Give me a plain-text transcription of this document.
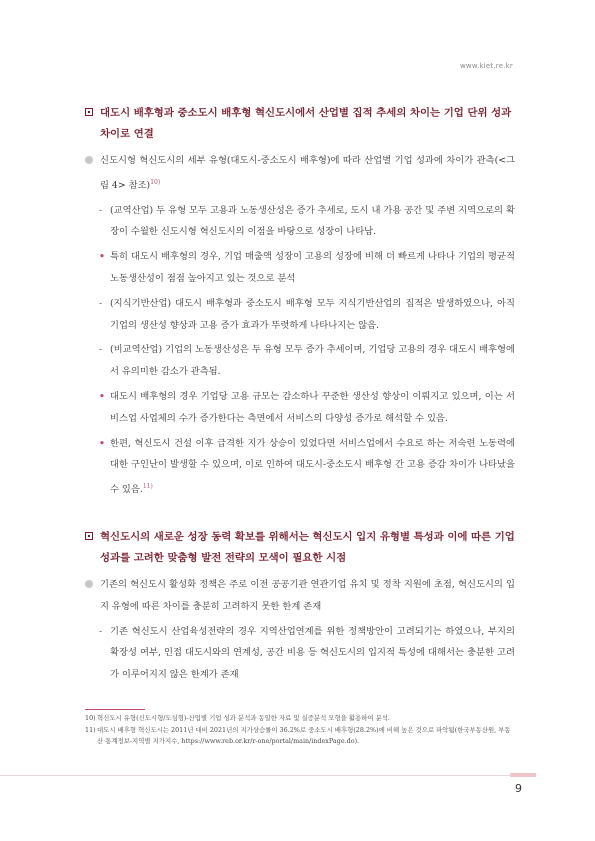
www.kiet.re.kr
대도시 배후형과 중소도시 배후형 혁신도시에서 산업별 집적 추세의 차이는 기업 단위 성과 차이로 연결
신도시형 혁신도시의 세부 유형(대도시-중소도시 배후형)에 따라 산업별 기업 성과에 차이가 관측(<그림 4> 참조)$^{10)}$
- (교역산업) 두 유형 모두 고용과 노동생산성은 증가 추세로, 도시 내 가용 공간 및 주변 지역으로의 확장이 수월한 신도시형 혁신도시의 이점을 바탕으로 성장이 나타남.
• 특히 대도시 배후형의 경우, 기업 매출액 성장이 고용의 성장에 비해 더 빠르게 나타나 기업의 평균적 노동생산성이 점점 높아지고 있는 것으로 분석
- (지식기반산업) 대도시 배후형과 중소도시 배후형 모두 지식기반산업의 집적은 발생하였으나, 아직 기업의 생산성 향상과 고용 증가 효과가 뚜렷하게 나타나지는 않음.
- (비교역산업) 기업의 노동생산성은 두 유형 모두 증가 추세이며, 기업당 고용의 경우 대도시 배후형에서 유의미한 감소가 관측됨.
• 대도시 배후형의 경우 기업당 고용 규모는 감소하나 꾸준한 생산성 향상이 이뤄지고 있으며, 이는 서비스업 사업체의 수가 증가한다는 측면에서 서비스의 다양성 증가로 해석할 수 있음.
• 한편, 혁신도시 건설 이후 급격한 지가 상승이 있었다면 서비스업에서 수요로 하는 저숙련 노동력에 대한 구인난이 발생할 수 있으며, 이로 인하여 대도시-중소도시 배후형 간 고용 증감 차이가 나타났을 수 있음.$^{11)}$
혁신도시의 새로운 성장 동력 확보를 위해서는 혁신도시 입지 유형별 특성과 이에 따른 기업 성과를 고려한 맞춤형 발전 전략의 모색이 필요한 시점
기존의 혁신도시 활성화 정책은 주로 이전 공공기관 연관기업 유치 및 정착 지원에 초점, 혁신도시의 입지 유형에 따른 차이를 충분히 고려하지 못한 한계 존재
- 기존 혁신도시 산업육성전략의 경우 지역산업연계를 위한 정책방안이 고려되기는 하였으나, 부지의 확장성 여부, 인접 대도시와의 연계성, 공간 비용 등 혁신도시의 입지적 특성에 대해서는 충분한 고려가 이루어지지 않은 한계가 존재
10) 혁신도시 유형(신도시형/도심형)-산업별 기업 성과 분석과 동일한 자료 및 실증분석 모형을 활용하여 분석.
11) 대도시 배후형 혁신도시는 2011년 대비 2021년의 지가상승률이 36.2%로 중소도시 배후형(28.2%)에 비해 높은 것으로 파악됨(한국부동산원, 부동산 통계정보-지역별 지가지수, https://www.reb.or.kr/r-one/portal/main/indexPage.do).
9
